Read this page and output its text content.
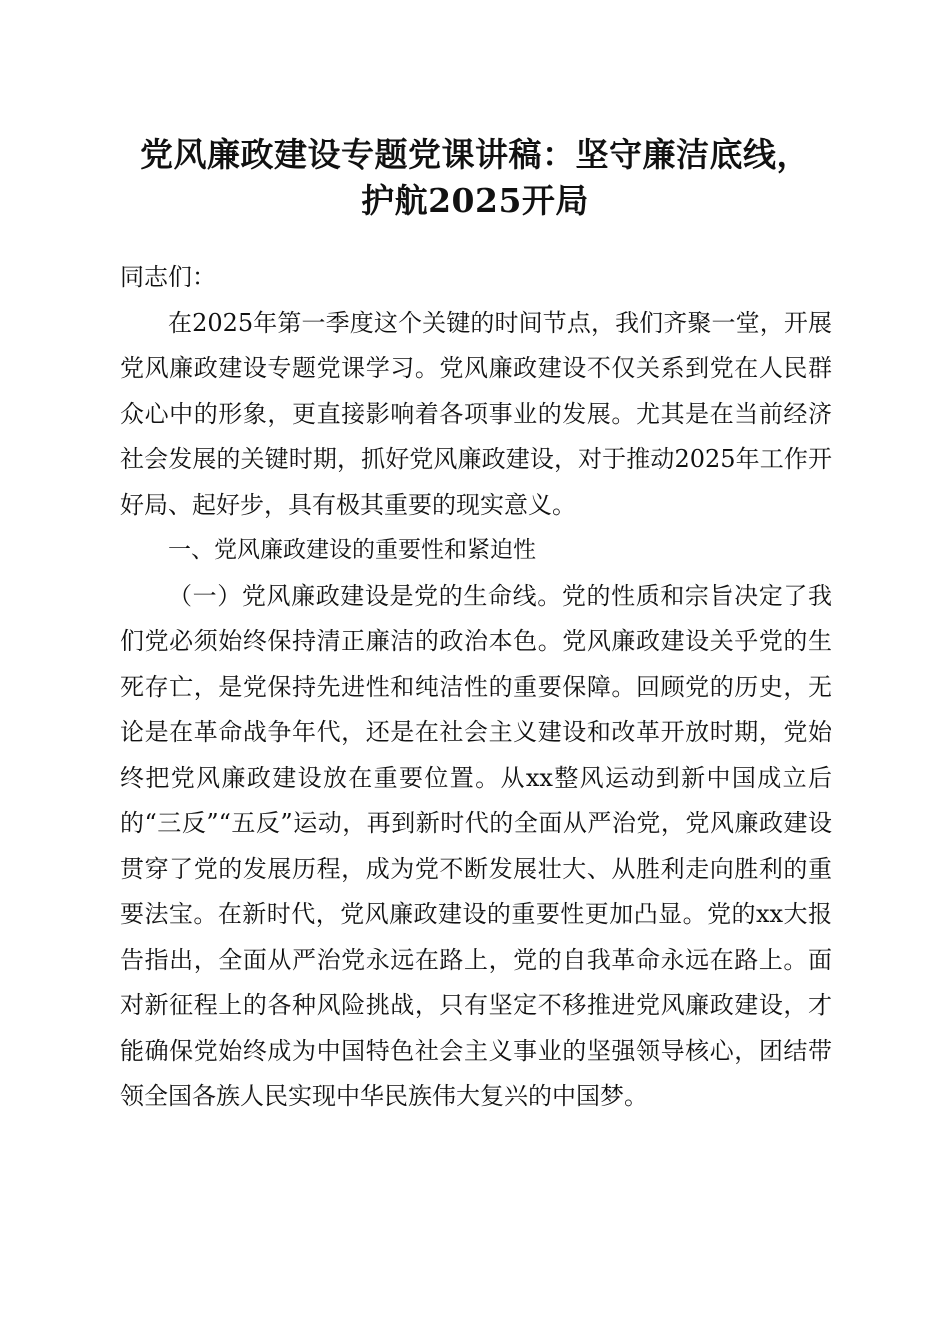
党风廉政建设专题党课讲稿：坚守廉洁底线，
护航2025开局

同志们：

在2025年第一季度这个关键的时间节点，我们齐聚一堂，开展党风廉政建设专题党课学习。党风廉政建设不仅关系到党在人民群众心中的形象，更直接影响着各项事业的发展。尤其是在当前经济社会发展的关键时期，抓好党风廉政建设，对于推动2025年工作开好局、起好步，具有极其重要的现实意义。

一、党风廉政建设的重要性和紧迫性

（一）党风廉政建设是党的生命线。党的性质和宗旨决定了我们党必须始终保持清正廉洁的政治本色。党风廉政建设关乎党的生死存亡，是党保持先进性和纯洁性的重要保障。回顾党的历史，无论是在革命战争年代，还是在社会主义建设和改革开放时期，党始终把党风廉政建设放在重要位置。从xx整风运动到新中国成立后的“三反”“五反”运动，再到新时代的全面从严治党，党风廉政建设贯穿了党的发展历程，成为党不断发展壮大、从胜利走向胜利的重要法宝。在新时代，党风廉政建设的重要性更加凸显。党的xx大报告指出，全面从严治党永远在路上，党的自我革命永远在路上。面对新征程上的各种风险挑战，只有坚定不移推进党风廉政建设，才能确保党始终成为中国特色社会主义事业的坚强领导核心，团结带领全国各族人民实现中华民族伟大复兴的中国梦。
